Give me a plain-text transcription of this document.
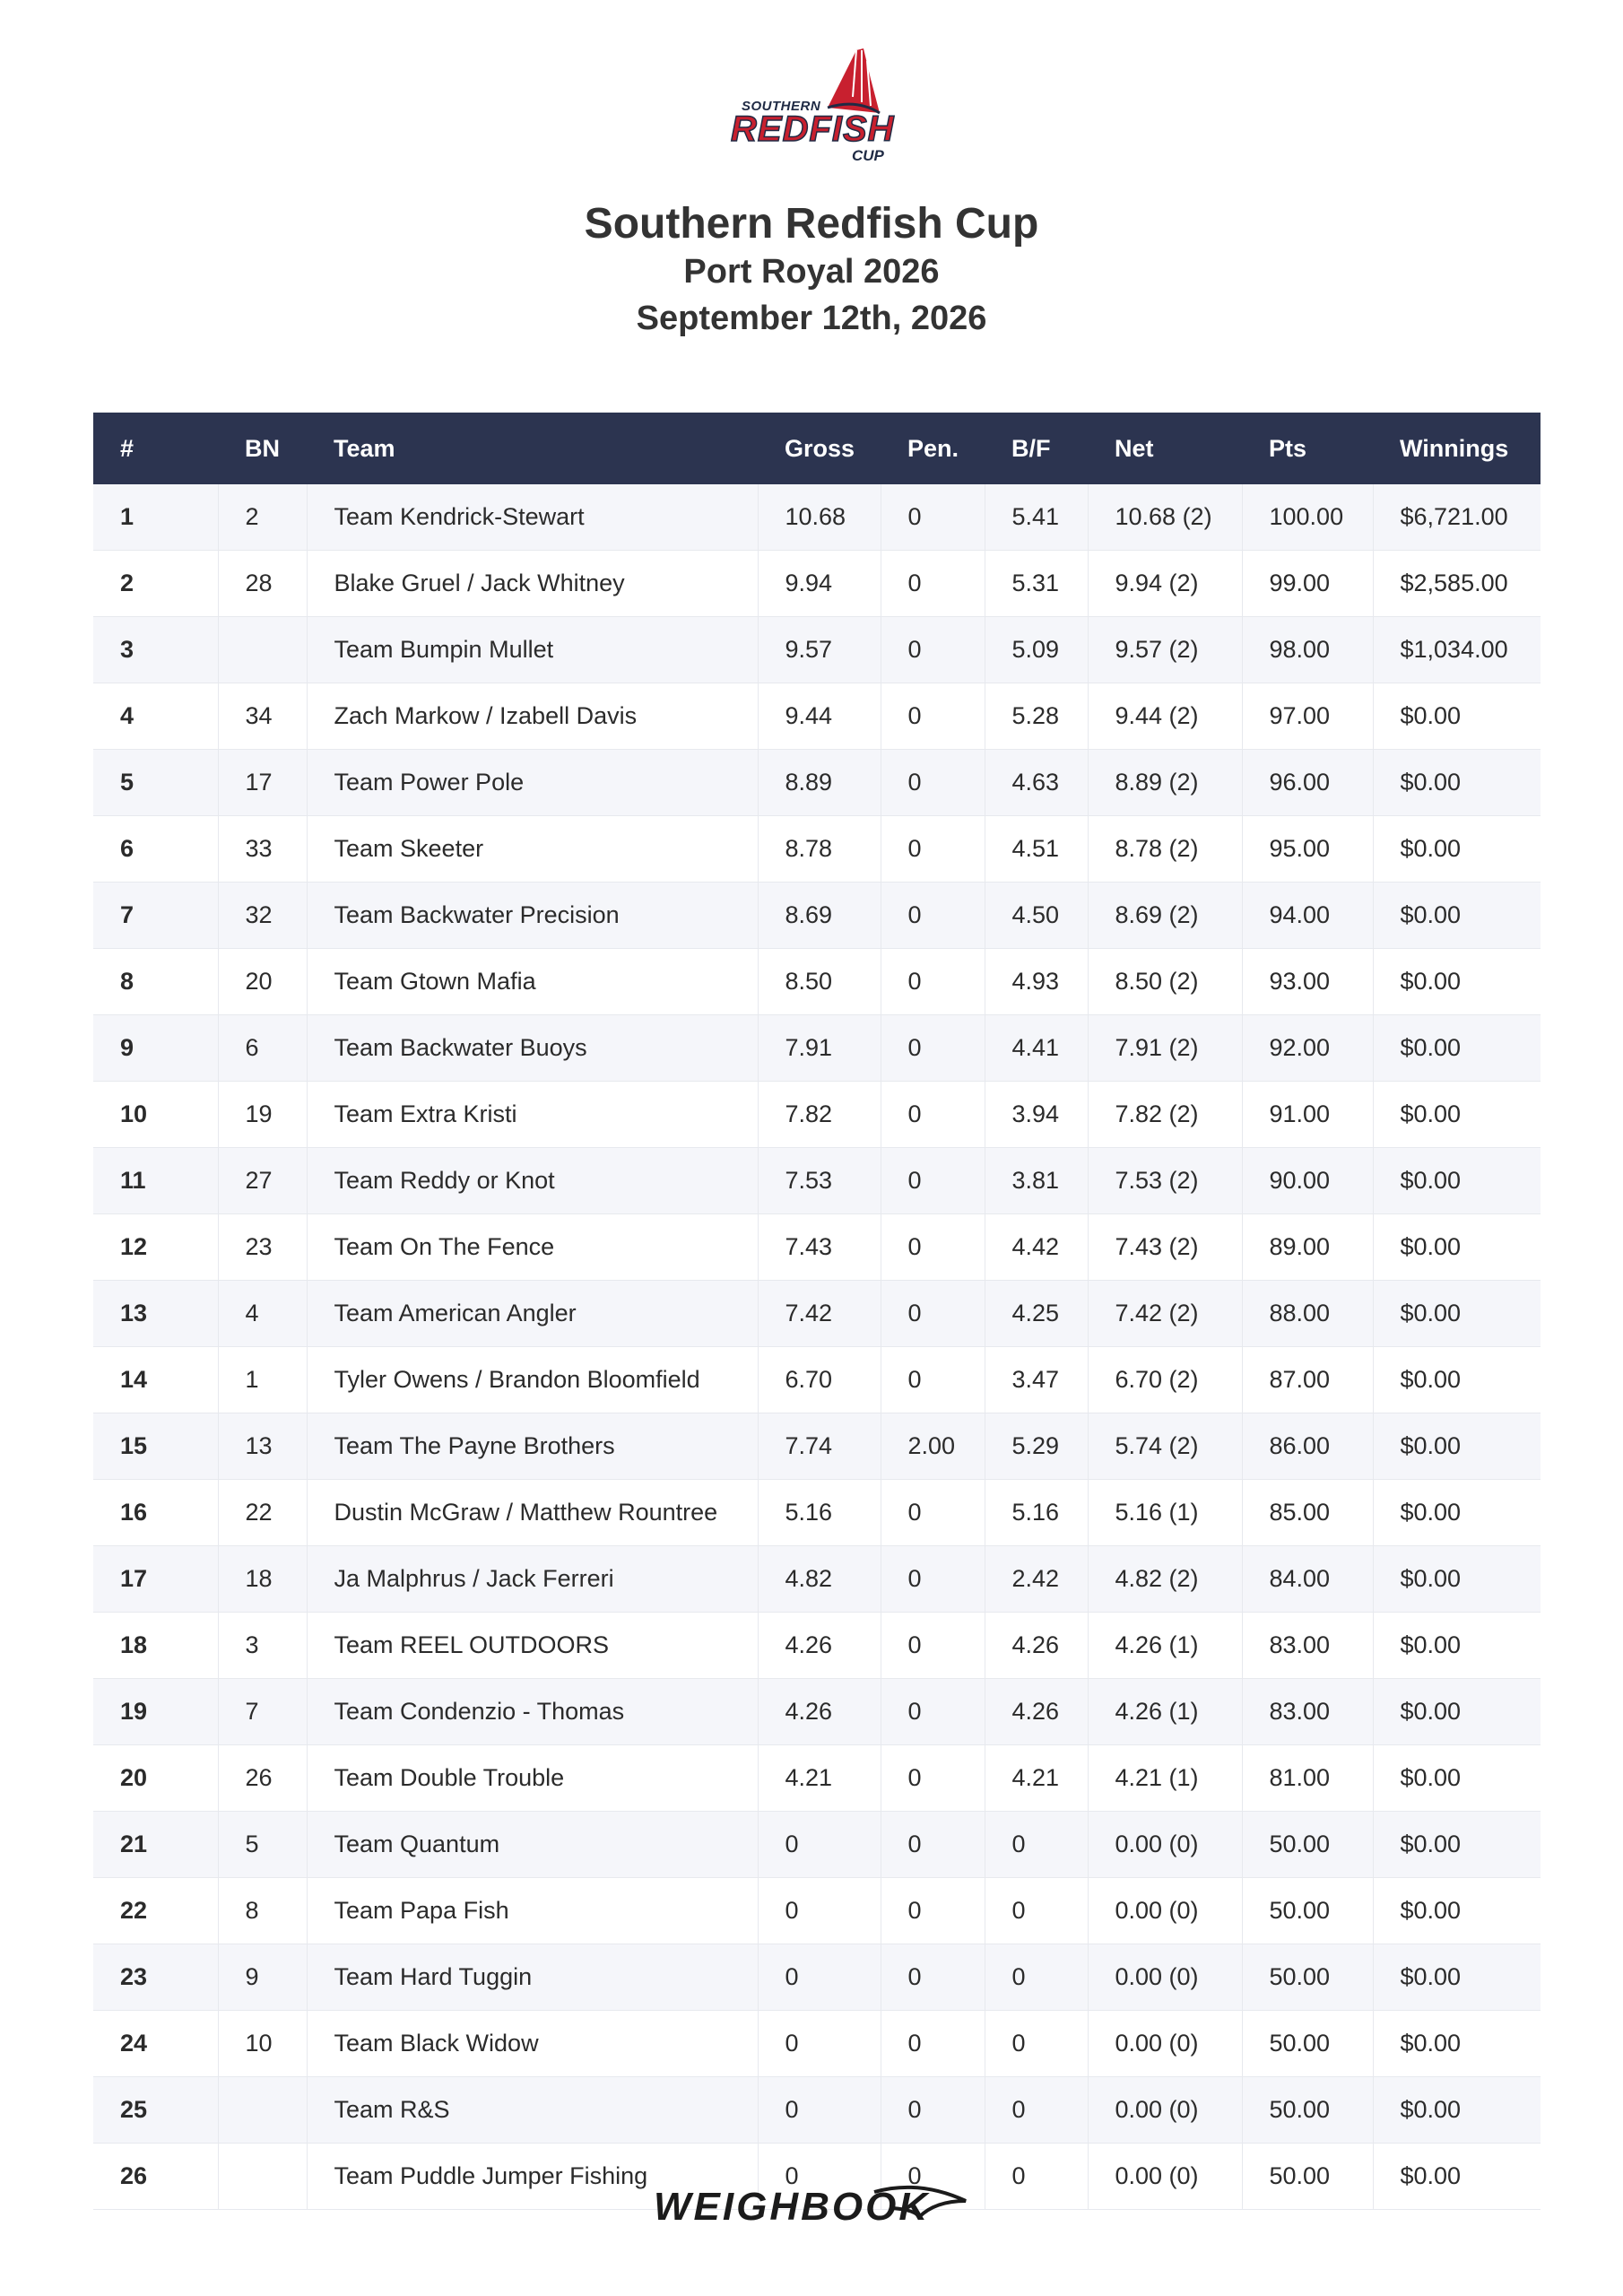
SOUTHERN
REDFISH
CUP
Southern Redfish Cup
Port Royal 2026
September 12th, 2026
#	BN	Team	Gross	Pen.	B/F	Net	Pts	Winnings
1	2	Team Kendrick-Stewart	10.68	0	5.41	10.68 (2)	100.00	$6,721.00
2	28	Blake Gruel / Jack Whitney	9.94	0	5.31	9.94 (2)	99.00	$2,585.00
3		Team Bumpin Mullet	9.57	0	5.09	9.57 (2)	98.00	$1,034.00
4	34	Zach Markow / Izabell Davis	9.44	0	5.28	9.44 (2)	97.00	$0.00
5	17	Team Power Pole	8.89	0	4.63	8.89 (2)	96.00	$0.00
6	33	Team Skeeter	8.78	0	4.51	8.78 (2)	95.00	$0.00
7	32	Team Backwater Precision	8.69	0	4.50	8.69 (2)	94.00	$0.00
8	20	Team Gtown Mafia	8.50	0	4.93	8.50 (2)	93.00	$0.00
9	6	Team Backwater Buoys	7.91	0	4.41	7.91 (2)	92.00	$0.00
10	19	Team Extra Kristi	7.82	0	3.94	7.82 (2)	91.00	$0.00
11	27	Team Reddy or Knot	7.53	0	3.81	7.53 (2)	90.00	$0.00
12	23	Team On The Fence	7.43	0	4.42	7.43 (2)	89.00	$0.00
13	4	Team American Angler	7.42	0	4.25	7.42 (2)	88.00	$0.00
14	1	Tyler Owens / Brandon Bloomfield	6.70	0	3.47	6.70 (2)	87.00	$0.00
15	13	Team The Payne Brothers	7.74	2.00	5.29	5.74 (2)	86.00	$0.00
16	22	Dustin McGraw / Matthew Rountree	5.16	0	5.16	5.16 (1)	85.00	$0.00
17	18	Ja Malphrus / Jack Ferreri	4.82	0	2.42	4.82 (2)	84.00	$0.00
18	3	Team REEL OUTDOORS	4.26	0	4.26	4.26 (1)	83.00	$0.00
19	7	Team Condenzio - Thomas	4.26	0	4.26	4.26 (1)	83.00	$0.00
20	26	Team Double Trouble	4.21	0	4.21	4.21 (1)	81.00	$0.00
21	5	Team Quantum	0	0	0	0.00 (0)	50.00	$0.00
22	8	Team Papa Fish	0	0	0	0.00 (0)	50.00	$0.00
23	9	Team Hard Tuggin	0	0	0	0.00 (0)	50.00	$0.00
24	10	Team Black Widow	0	0	0	0.00 (0)	50.00	$0.00
25		Team R&S	0	0	0	0.00 (0)	50.00	$0.00
26		Team Puddle Jumper Fishing	0	0	0	0.00 (0)	50.00	$0.00
WEIGHBOOK
